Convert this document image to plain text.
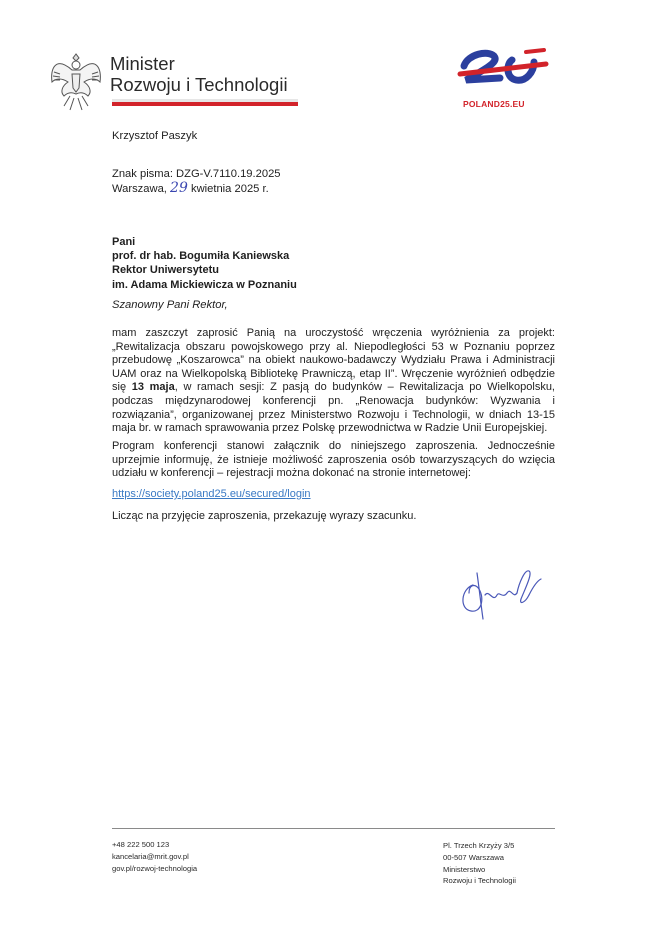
Minister
Rozwoju i Technologii
POLAND25.EU
Krzysztof Paszyk
Znak pisma: DZG-V.7110.19.2025
Warszawa, 29 kwietnia 2025 r.
Pani
prof. dr hab. Bogumiła Kaniewska
Rektor Uniwersytetu
im. Adama Mickiewicza w Poznaniu
Szanowny Pani Rektor,
mam zaszczyt zaprosić Panią na uroczystość wręczenia wyróżnienia za projekt: „Rewitalizacja obszaru powojskowego przy al. Niepodległości 53 w Poznaniu poprzez przebudowę „Koszarowca” na obiekt naukowo-badawczy Wydziału Prawa i Administracji UAM oraz na Wielkopolską Bibliotekę Prawniczą, etap II”. Wręczenie wyróżnień odbędzie się 13 maja, w ramach sesji: Z pasją do budynków – Rewitalizacja po Wielkopolsku, podczas międzynarodowej konferencji pn. „Renowacja budynków: Wyzwania i rozwiązania”, organizowanej przez Ministerstwo Rozwoju i Technologii, w dniach 13-15 maja br. w ramach sprawowania przez Polskę przewodnictwa w Radzie Unii Europejskiej.
Program konferencji stanowi załącznik do niniejszego zaproszenia. Jednocześnie uprzejmie informuję, że istnieje możliwość zaproszenia osób towarzyszących do wzięcia udziału w konferencji – rejestracji można dokonać na stronie internetowej:
https://society.poland25.eu/secured/login
Licząc na przyjęcie zaproszenia, przekazuję wyrazy szacunku.
+48 222 500 123
kancelaria@mrit.gov.pl
gov.pl/rozwoj-technologia
Pl. Trzech Krzyży 3/5
00-507 Warszawa
Ministerstwo
Rozwoju i Technologii
